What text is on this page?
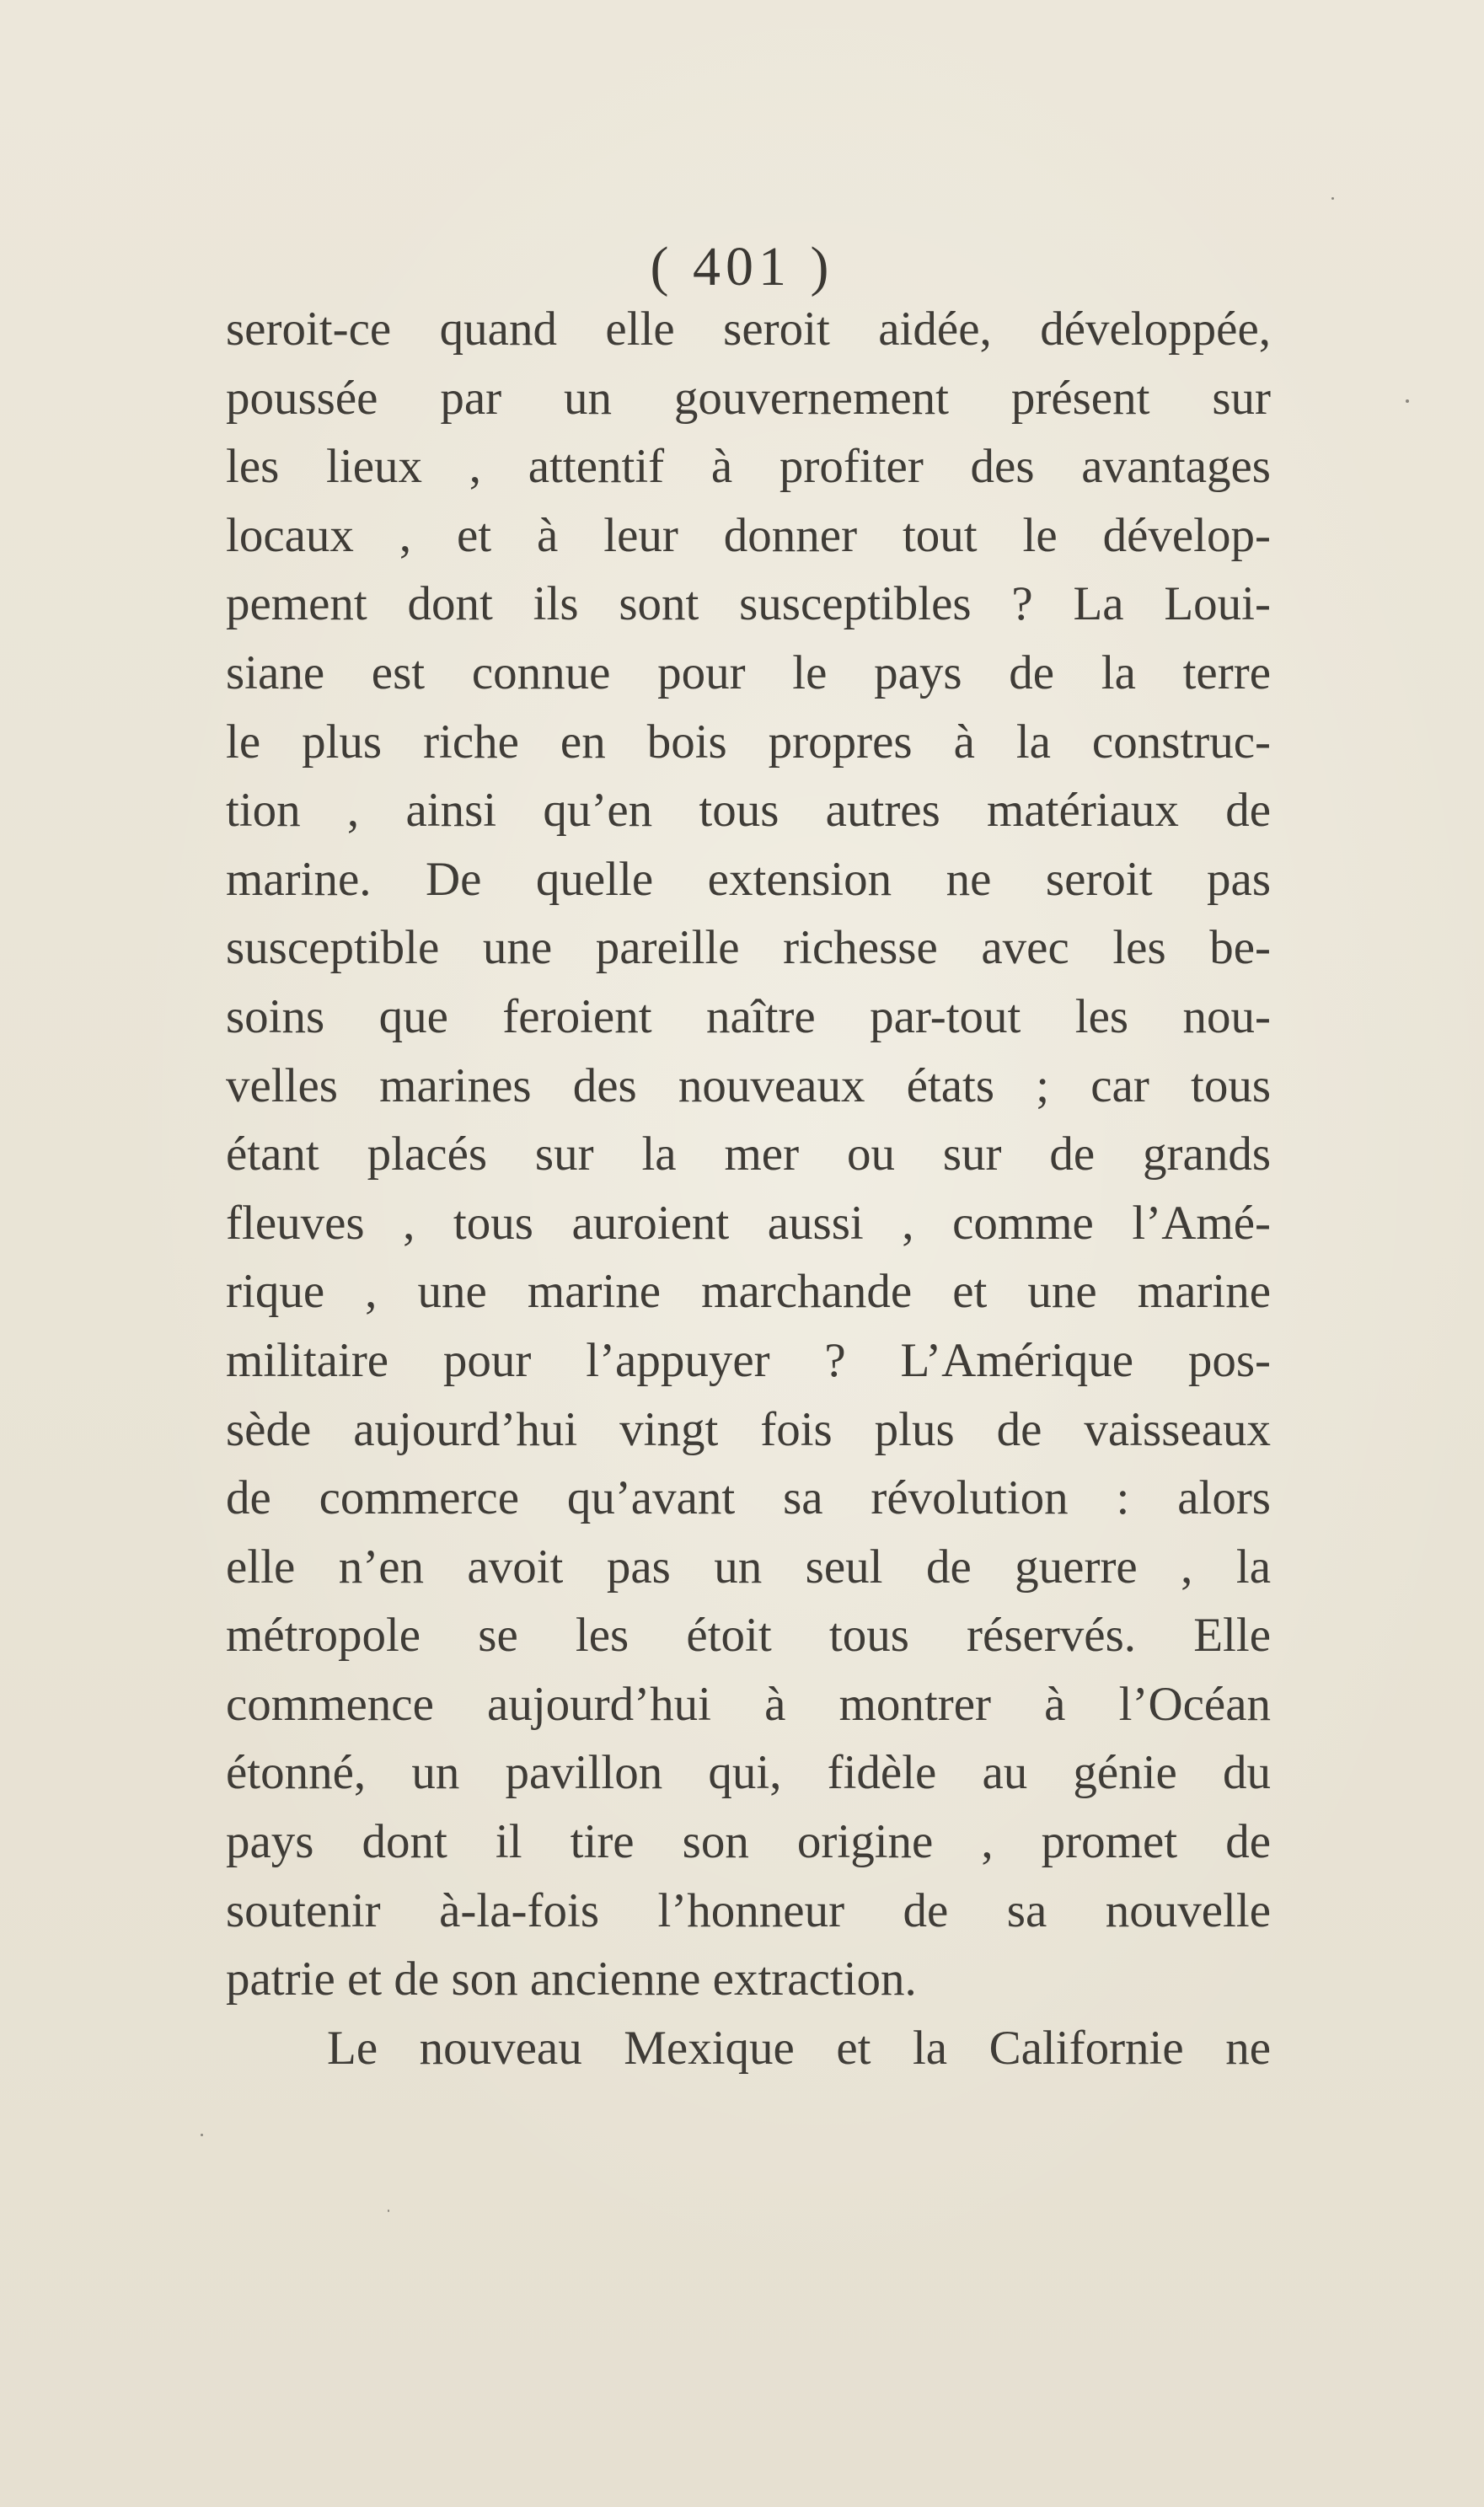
( 401 )
seroit-ce quand elle seroit aidée, développée,
poussée par un gouvernement présent sur
les lieux , attentif à profiter des avantages
locaux , et à leur donner tout le dévelop-
pement dont ils sont susceptibles ? La Loui-
siane est connue pour le pays de la terre
le plus riche en bois propres à la construc-
tion , ainsi qu’en tous autres matériaux de
marine. De quelle extension ne seroit pas
susceptible une pareille richesse avec les be-
soins que feroient naître par-tout les nou-
velles marines des nouveaux états ; car tous
étant placés sur la mer ou sur de grands
fleuves , tous auroient aussi , comme l’Amé-
rique , une marine marchande et une marine
militaire pour l’appuyer ? L’Amérique pos-
sède aujourd’hui vingt fois plus de vaisseaux
de commerce qu’avant sa révolution : alors
elle n’en avoit pas un seul de guerre , la
métropole se les étoit tous réservés. Elle
commence aujourd’hui à montrer à l’Océan
étonné, un pavillon qui, fidèle au génie du
pays dont il tire son origine , promet de
soutenir à-la-fois l’honneur de sa nouvelle
patrie et de son ancienne extraction.
Le nouveau Mexique et la Californie ne
